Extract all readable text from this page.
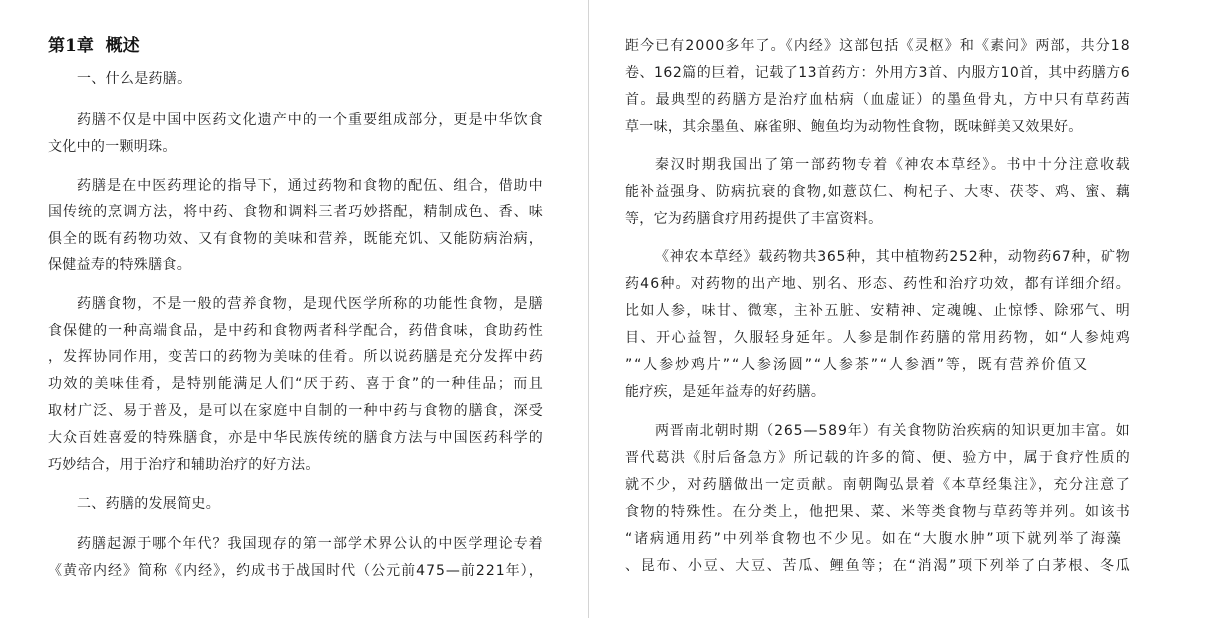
第1章  概述
一、什么是药膳。
药膳不仅是中国中医药文化遗产中的一个重要组成部分，更是中华饮食
文化中的一颗明珠。
药膳是在中医药理论的指导下，通过药物和食物的配伍、组合，借助中
国传统的烹调方法，将中药、食物和调料三者巧妙搭配，精制成色、香、味
俱全的既有药物功效、又有食物的美味和营养，既能充饥、又能防病治病，
保健益寿的特殊膳食。
药膳食物，不是一般的营养食物，是现代医学所称的功能性食物，是膳
食保健的一种高端食品，是中药和食物两者科学配合，药借食味，食助药性
，发挥协同作用，变苦口的药物为美味的佳肴。所以说药膳是充分发挥中药
功效的美味佳肴，是特别能满足人们“厌于药、喜于食”的一种佳品；而且
取材广泛、易于普及，是可以在家庭中自制的一种中药与食物的膳食，深受
大众百姓喜爱的特殊膳食，亦是中华民族传统的膳食方法与中国医药科学的
巧妙结合，用于治疗和辅助治疗的好方法。
二、药膳的发展简史。
药膳起源于哪个年代？我国现存的第一部学术界公认的中医学理论专着
《黄帝内经》简称《内经》，约成书于战国时代（公元前475—前221年），
距今已有2000多年了。《内经》这部包括《灵枢》和《素问》两部，共分18
卷、162篇的巨着，记载了13首药方：外用方3首、内服方10首，其中药膳方6
首。最典型的药膳方是治疗血枯病（血虚证）的墨鱼骨丸，方中只有草药茜
草一味，其余墨鱼、麻雀卵、鲍鱼均为动物性食物，既味鲜美又效果好。
秦汉时期我国出了第一部药物专着《神农本草经》。书中十分注意收载
能补益强身、防病抗衰的食物,如薏苡仁、枸杞子、大枣、茯苓、鸡、蜜、藕
等，它为药膳食疗用药提供了丰富资料。
《神农本草经》载药物共365种，其中植物药252种，动物药67种，矿物
药46种。对药物的出产地、别名、形态、药性和治疗功效，都有详细介绍。
比如人参，味甘、微寒，主补五脏、安精神、定魂魄、止惊悸、除邪气、明
目、开心益智，久服轻身延年。人参是制作药膳的常用药物，如“人参炖鸡
”“人参炒鸡片”“人参汤圆”“人参茶”“人参酒”等，既有营养价值又
能疗疾，是延年益寿的好药膳。
两晋南北朝时期（265—589年）有关食物防治疾病的知识更加丰富。如
晋代葛洪《肘后备急方》所记载的许多的简、便、验方中，属于食疗性质的
就不少，对药膳做出一定贡献。南朝陶弘景着《本草经集注》，充分注意了
食物的特殊性。在分类上，他把果、菜、米等类食物与草药等并列。如该书
“诸病通用药”中列举食物也不少见。如在“大腹水肿”项下就列举了海藻
、昆布、小豆、大豆、苦瓜、鲤鱼等；在“消渴”项下列举了白茅根、冬瓜
